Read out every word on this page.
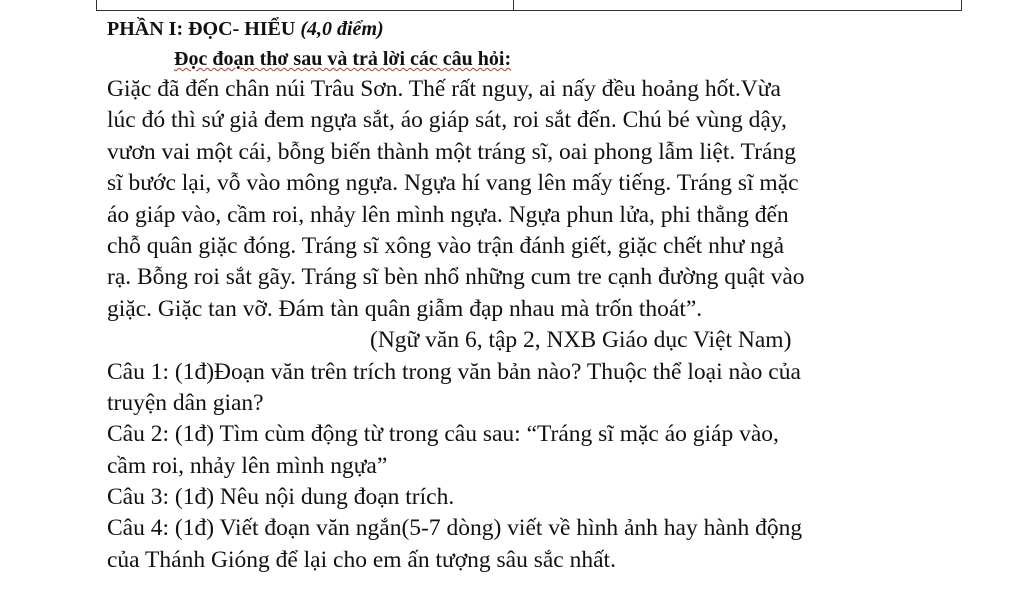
PHẦN I: ĐỌC- HIỂU (4,0 điểm)
Đọc đoạn thơ sau và trả lời các câu hỏi:
Giặc đã đến chân núi Trâu Sơn. Thế rất nguy, ai nấy đều hoảng hốt.Vừa
lúc đó thì sứ giả đem ngựa sắt, áo giáp sát, roi sắt đến. Chú bé vùng dậy,
vươn vai một cái, bỗng biến thành một tráng sĩ, oai phong lẫm liệt. Tráng
sĩ bước lại, vỗ vào mông ngựa. Ngựa hí vang lên mấy tiếng. Tráng sĩ mặc
áo giáp vào, cầm roi, nhảy lên mình ngựa. Ngựa phun lửa, phi thẳng đến
chỗ quân giặc đóng. Tráng sĩ xông vào trận đánh giết, giặc chết như ngả
rạ. Bỗng roi sắt gãy. Tráng sĩ bèn nhổ những cum tre cạnh đường quật vào
giặc. Giặc tan vỡ. Đám tàn quân giẫm đạp nhau mà trốn thoát”.
(Ngữ văn 6, tập 2, NXB Giáo dục Việt Nam)
Câu 1: (1đ)Đoạn văn trên trích trong văn bản nào? Thuộc thể loại nào của
truyện dân gian?
Câu 2: (1đ) Tìm cùm động từ trong câu sau: “Tráng sĩ mặc áo giáp vào,
cầm roi, nhảy lên mình ngựa”
Câu 3: (1đ) Nêu nội dung đoạn trích.
Câu 4: (1đ) Viết đoạn văn ngắn(5-7 dòng) viết về hình ảnh hay hành động
của Thánh Gióng để lại cho em ấn tượng sâu sắc nhất.
